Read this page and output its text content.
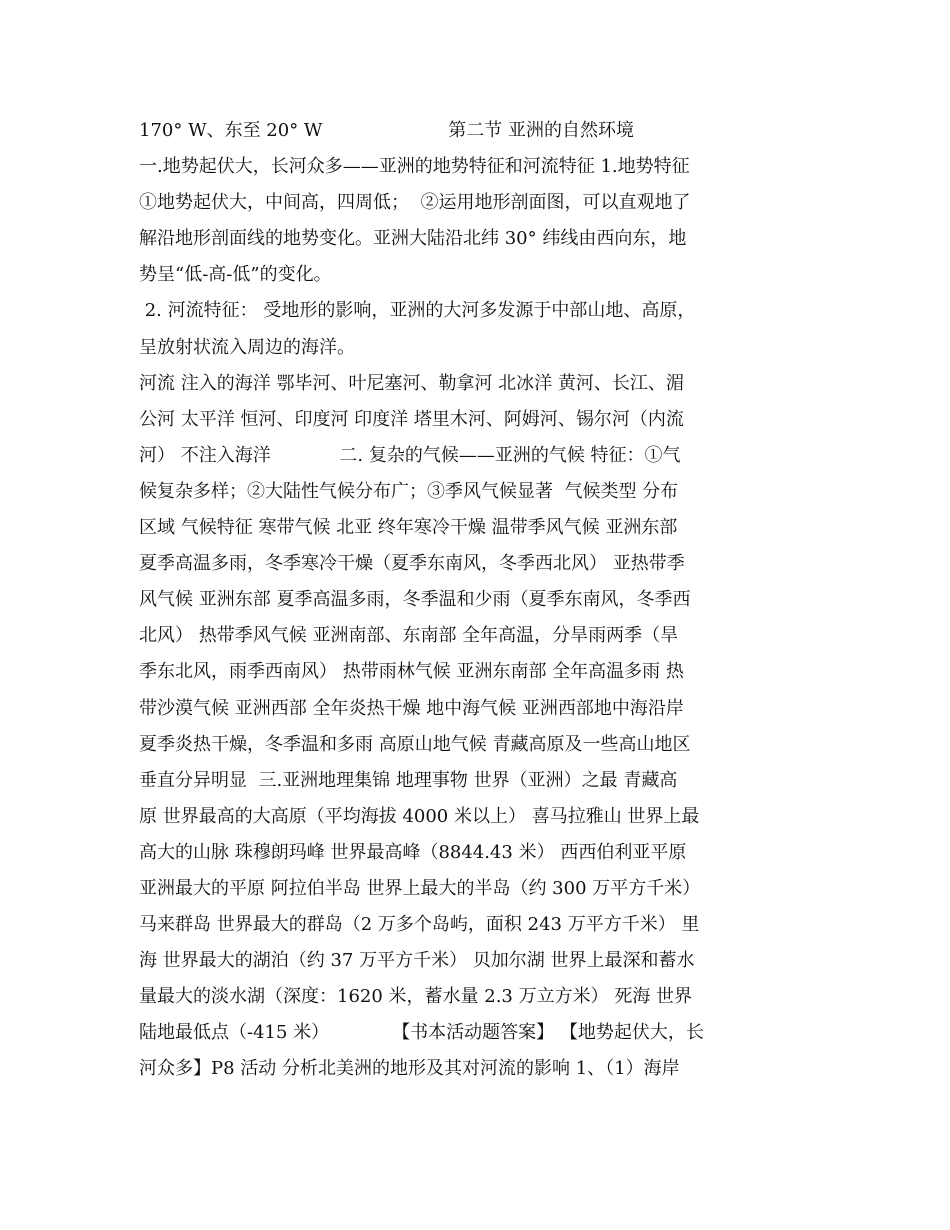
170° W、东至 20° W                      第二节 亚洲的自然环境
一.地势起伏大，长河众多——亚洲的地势特征和河流特征 1.地势特征
①地势起伏大，中间高，四周低；  ②运用地形剖面图，可以直观地了
解沿地形剖面线的地势变化。亚洲大陆沿北纬 30° 纬线由西向东，地
势呈“低-高-低”的变化。
2. 河流特征： 受地形的影响，亚洲的大河多发源于中部山地、高原，
呈放射状流入周边的海洋。
河流 注入的海洋 鄂毕河、叶尼塞河、勒拿河 北冰洋 黄河、长江、湄
公河 太平洋 恒河、印度河 印度洋 塔里木河、阿姆河、锡尔河（内流
河） 不注入海洋            二. 复杂的气候——亚洲的气候 特征：①气
候复杂多样；②大陆性气候分布广；③季风气候显著  气候类型 分布
区域 气候特征 寒带气候 北亚 终年寒冷干燥 温带季风气候 亚洲东部
夏季高温多雨，冬季寒冷干燥（夏季东南风，冬季西北风） 亚热带季
风气候 亚洲东部 夏季高温多雨，冬季温和少雨（夏季东南风，冬季西
北风） 热带季风气候 亚洲南部、东南部 全年高温，分旱雨两季（旱
季东北风，雨季西南风） 热带雨林气候 亚洲东南部 全年高温多雨 热
带沙漠气候 亚洲西部 全年炎热干燥 地中海气候 亚洲西部地中海沿岸
夏季炎热干燥，冬季温和多雨 高原山地气候 青藏高原及一些高山地区
垂直分异明显  三.亚洲地理集锦 地理事物 世界（亚洲）之最 青藏高
原 世界最高的大高原（平均海拔 4000 米以上） 喜马拉雅山 世界上最
高大的山脉 珠穆朗玛峰 世界最高峰（8844.43 米） 西西伯利亚平原
亚洲最大的平原 阿拉伯半岛 世界上最大的半岛（约 300 万平方千米）
马来群岛 世界最大的群岛（2 万多个岛屿，面积 243 万平方千米） 里
海 世界最大的湖泊（约 37 万平方千米） 贝加尔湖 世界上最深和蓄水
量最大的淡水湖（深度：1620 米，蓄水量 2.3 万立方米） 死海 世界
陆地最低点（-415 米）           【书本活动题答案】 【地势起伏大，长
河众多】P8 活动 分析北美洲的地形及其对河流的影响 1、（1）海岸
